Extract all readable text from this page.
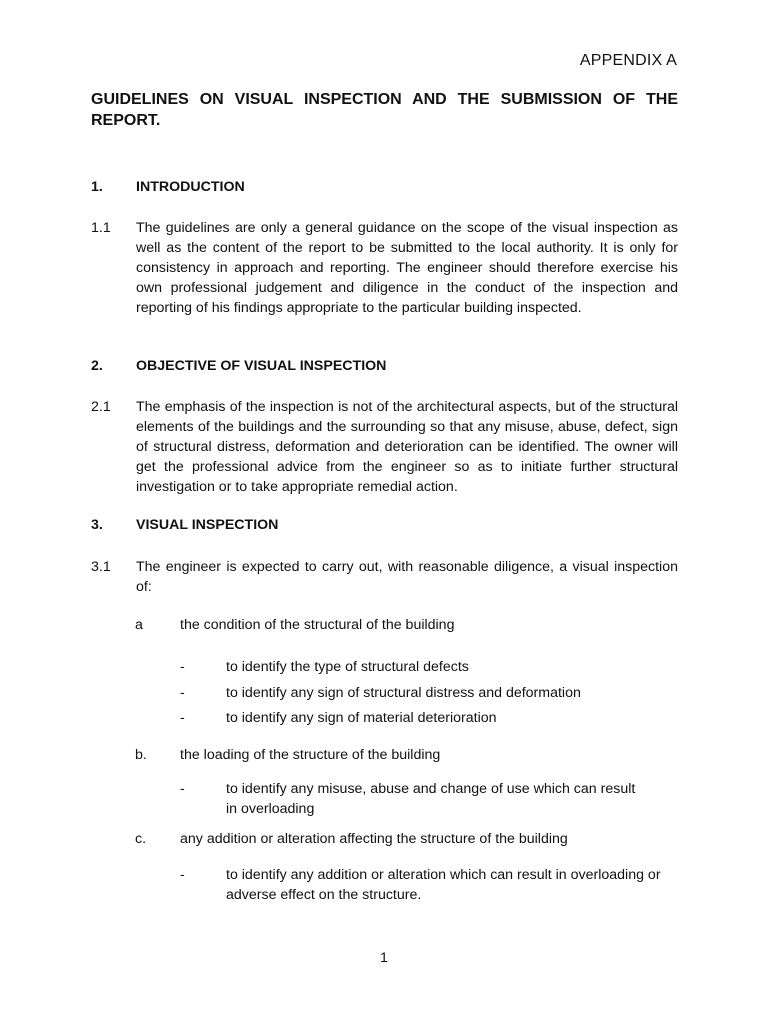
APPENDIX A
GUIDELINES ON VISUAL INSPECTION AND THE SUBMISSION OF THE REPORT.
1. INTRODUCTION
1.1 The guidelines are only a general guidance on the scope of the visual inspection as well as the content of the report to be submitted to the local authority. It is only for consistency in approach and reporting. The engineer should therefore exercise his own professional judgement and diligence in the conduct of the inspection and reporting of his findings appropriate to the particular building inspected.
2. OBJECTIVE OF VISUAL INSPECTION
2.1 The emphasis of the inspection is not of the architectural aspects, but of the structural elements of the buildings and the surrounding so that any misuse, abuse, defect, sign of structural distress, deformation and deterioration can be identified. The owner will get the professional advice from the engineer so as to initiate further structural investigation or to take appropriate remedial action.
3. VISUAL INSPECTION
3.1 The engineer is expected to carry out, with reasonable diligence, a visual inspection of:
a	the condition of the structural of the building
-	to identify the type of structural defects
-	to identify any sign of structural distress and deformation
-	to identify any sign of material deterioration
b. the loading of the structure of the building
-	to identify any misuse, abuse and change of use which can result in overloading
c. any addition or alteration affecting the structure of the building
-	to identify any addition or alteration which can result in overloading or adverse effect on the structure.
1
